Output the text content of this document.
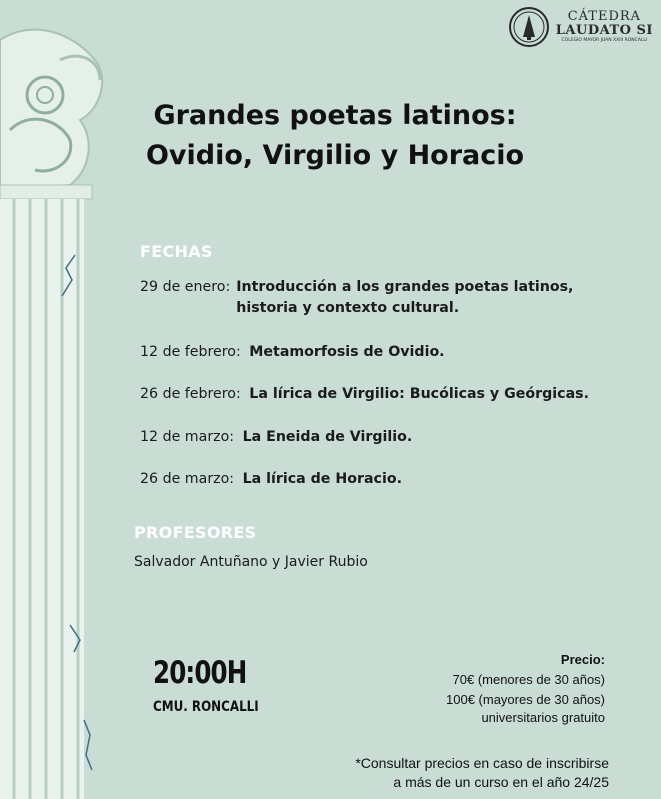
CÁTEDRA
LAUDATO SI
COLEGIO MAYOR JUAN XXIII RONCALLI
Grandes poetas latinos:
Ovidio, Virgilio y Horacio
FECHAS
29 de enero: Introducción a los grandes poetas latinos, historia y contexto cultural.
12 de febrero: Metamorfosis de Ovidio.
26 de febrero: La lírica de Virgilio: Bucólicas y Geórgicas.
12 de marzo: La Eneida de Virgilio.
26 de marzo: La lírica de Horacio.
PROFESORES
Salvador Antuñano y Javier Rubio
20:00H
CMU. RONCALLI
Precio:
70€ (menores de 30 años)
100€ (mayores de 30 años)
universitarios gratuito
*Consultar precios en caso de inscribirse
a más de un curso en el año 24/25
